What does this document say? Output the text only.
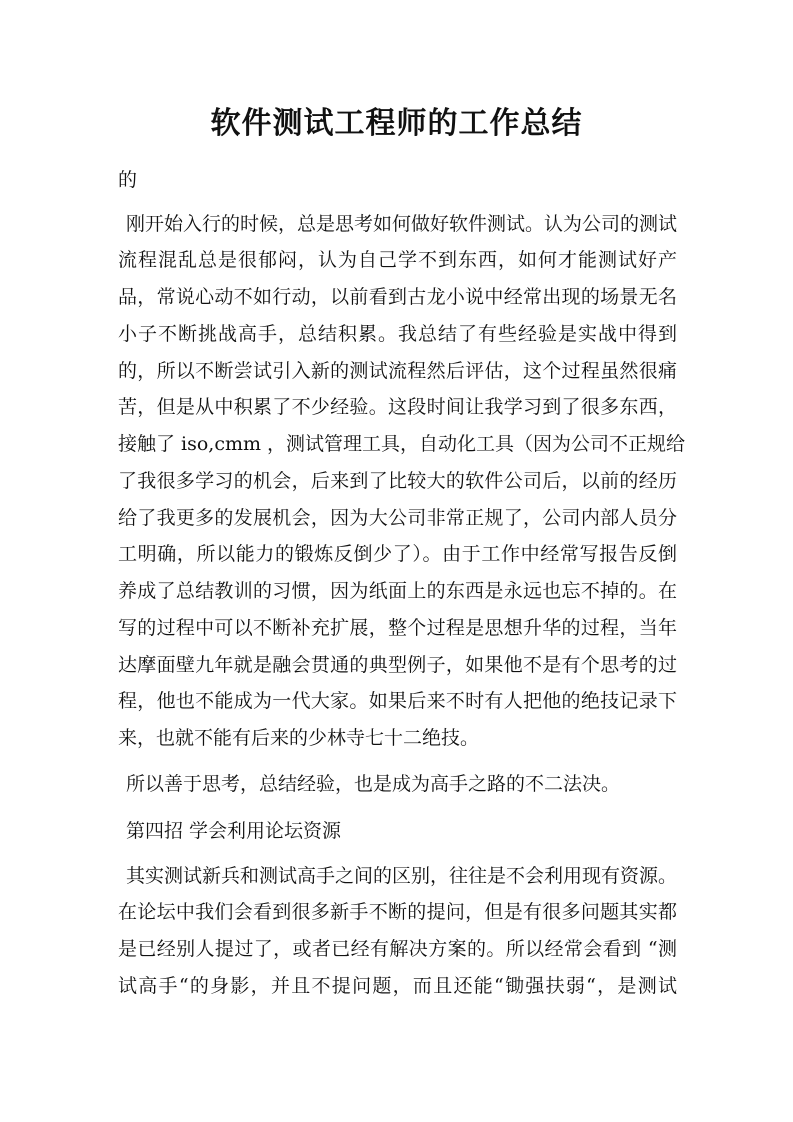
软件测试工程师的工作总结
的
刚开始入行的时候，总是思考如何做好软件测试。认为公司的测试
流程混乱总是很郁闷，认为自己学不到东西，如何才能测试好产
品，常说心动不如行动，以前看到古龙小说中经常出现的场景无名
小子不断挑战高手，总结积累。我总结了有些经验是实战中得到
的，所以不断尝试引入新的测试流程然后评估，这个过程虽然很痛
苦，但是从中积累了不少经验。这段时间让我学习到了很多东西，
接触了 iso,cmm ，测试管理工具，自动化工具（因为公司不正规给
了我很多学习的机会，后来到了比较大的软件公司后，以前的经历
给了我更多的发展机会，因为大公司非常正规了，公司内部人员分
工明确，所以能力的锻炼反倒少了）。由于工作中经常写报告反倒
养成了总结教训的习惯，因为纸面上的东西是永远也忘不掉的。在
写的过程中可以不断补充扩展，整个过程是思想升华的过程，当年
达摩面壁九年就是融会贯通的典型例子，如果他不是有个思考的过
程，他也不能成为一代大家。如果后来不时有人把他的绝技记录下
来，也就不能有后来的少林寺七十二绝技。
所以善于思考，总结经验，也是成为高手之路的不二法决。
第四招 学会利用论坛资源
其实测试新兵和测试高手之间的区别，往往是不会利用现有资源。
在论坛中我们会看到很多新手不断的提问，但是有很多问题其实都
是已经别人提过了，或者已经有解决方案的。所以经常会看到 “测
试高手“的身影，并且不提问题，而且还能“锄强扶弱“，是测试
